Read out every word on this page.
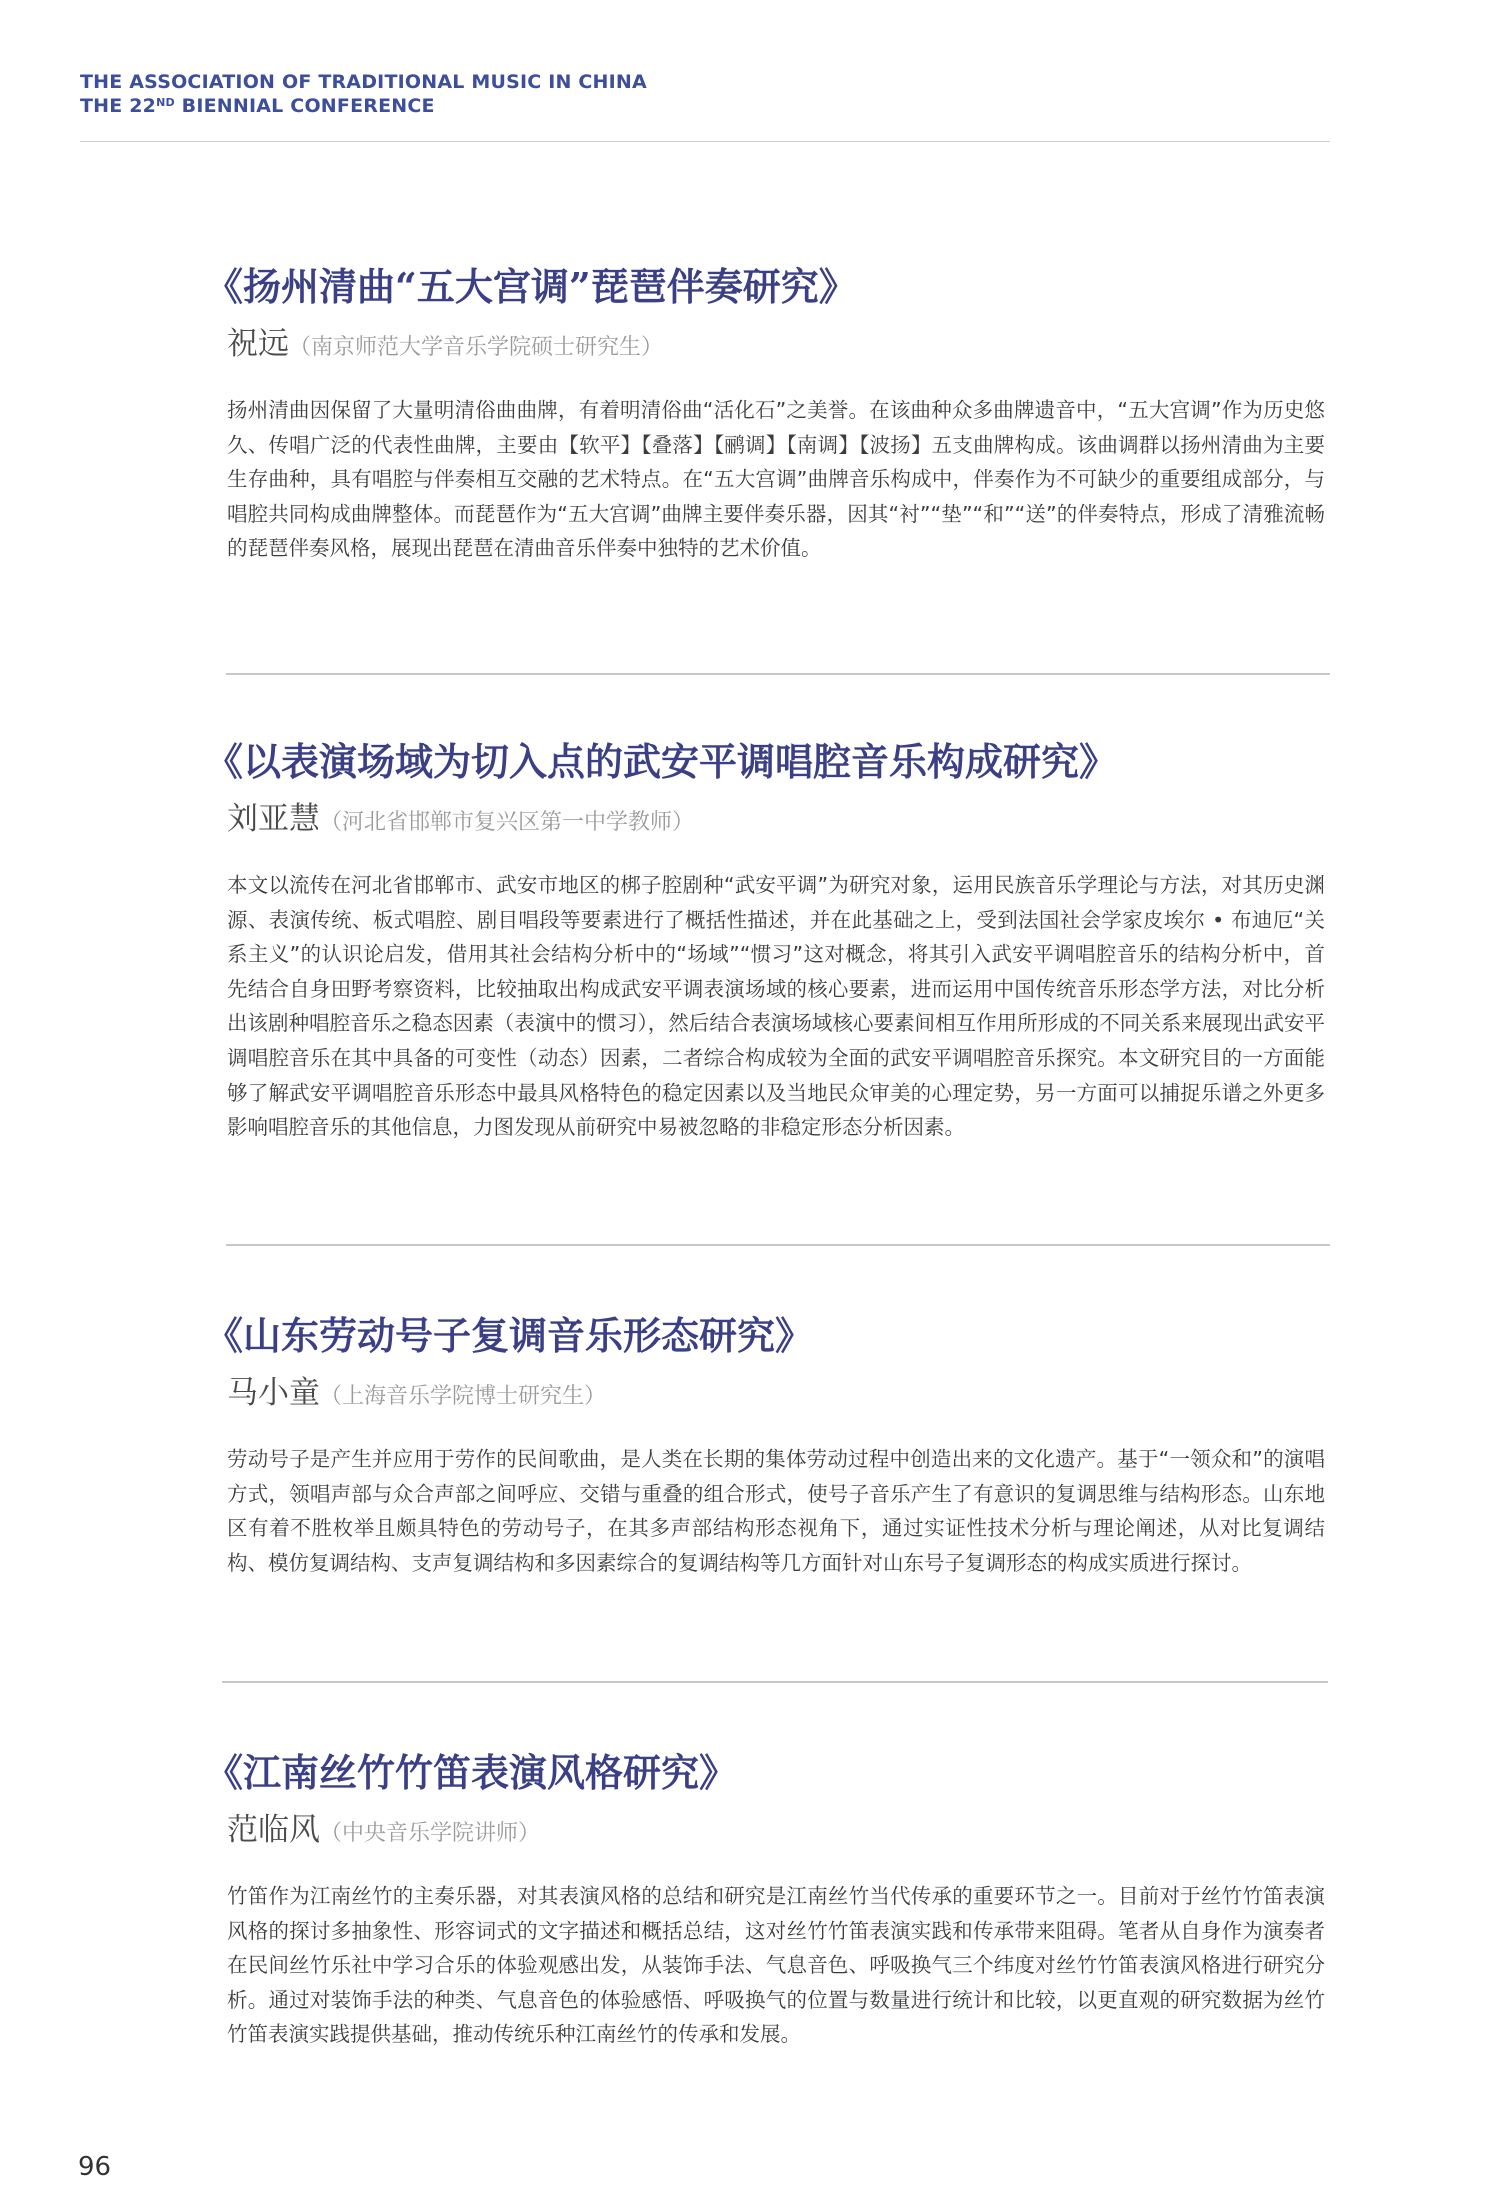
THE ASSOCIATION OF TRADITIONAL MUSIC IN CHINA
THE 22ND BIENNIAL CONFERENCE
《扬州清曲“五大宫调”琵琶伴奏研究》
祝远（南京师范大学音乐学院硕士研究生）
扬州清曲因保留了大量明清俗曲曲牌，有着明清俗曲“活化石”之美誉。在该曲种众多曲牌遗音中，“五大宫调”作为历史悠久、传唱广泛的代表性曲牌，主要由【软平】【叠落】【鹂调】【南调】【波扬】五支曲牌构成。该曲调群以扬州清曲为主要生存曲种，具有唱腔与伴奏相互交融的艺术特点。在“五大宫调”曲牌音乐构成中，伴奏作为不可缺少的重要组成部分，与唱腔共同构成曲牌整体。而琵琶作为“五大宫调”曲牌主要伴奏乐器，因其“衬”“垫”“和”“送”的伴奏特点，形成了清雅流畅的琵琶伴奏风格，展现出琵琶在清曲音乐伴奏中独特的艺术价值。
《以表演场域为切入点的武安平调唱腔音乐构成研究》
刘亚慧（河北省邯郸市复兴区第一中学教师）
本文以流传在河北省邯郸市、武安市地区的梆子腔剧种“武安平调”为研究对象，运用民族音乐学理论与方法，对其历史渊源、表演传统、板式唱腔、剧目唱段等要素进行了概括性描述，并在此基础之上，受到法国社会学家皮埃尔 • 布迪厄“关系主义”的认识论启发，借用其社会结构分析中的“场域”“惯习”这对概念，将其引入武安平调唱腔音乐的结构分析中，首先结合自身田野考察资料，比较抽取出构成武安平调表演场域的核心要素，进而运用中国传统音乐形态学方法，对比分析出该剧种唱腔音乐之稳态因素（表演中的惯习），然后结合表演场域核心要素间相互作用所形成的不同关系来展现出武安平调唱腔音乐在其中具备的可变性（动态）因素，二者综合构成较为全面的武安平调唱腔音乐探究。本文研究目的一方面能够了解武安平调唱腔音乐形态中最具风格特色的稳定因素以及当地民众审美的心理定势，另一方面可以捕捉乐谱之外更多影响唱腔音乐的其他信息，力图发现从前研究中易被忽略的非稳定形态分析因素。
《山东劳动号子复调音乐形态研究》
马小童（上海音乐学院博士研究生）
劳动号子是产生并应用于劳作的民间歌曲，是人类在长期的集体劳动过程中创造出来的文化遗产。基于“一领众和”的演唱方式，领唱声部与众合声部之间呼应、交错与重叠的组合形式，使号子音乐产生了有意识的复调思维与结构形态。山东地区有着不胜枚举且颇具特色的劳动号子，在其多声部结构形态视角下，通过实证性技术分析与理论阐述，从对比复调结构、模仿复调结构、支声复调结构和多因素综合的复调结构等几方面针对山东号子复调形态的构成实质进行探讨。
《江南丝竹竹笛表演风格研究》
范临风（中央音乐学院讲师）
竹笛作为江南丝竹的主奏乐器，对其表演风格的总结和研究是江南丝竹当代传承的重要环节之一。目前对于丝竹竹笛表演风格的探讨多抽象性、形容词式的文字描述和概括总结，这对丝竹竹笛表演实践和传承带来阻碍。笔者从自身作为演奏者在民间丝竹乐社中学习合乐的体验观感出发，从装饰手法、气息音色、呼吸换气三个纬度对丝竹竹笛表演风格进行研究分析。通过对装饰手法的种类、气息音色的体验感悟、呼吸换气的位置与数量进行统计和比较，以更直观的研究数据为丝竹竹笛表演实践提供基础，推动传统乐种江南丝竹的传承和发展。
96
